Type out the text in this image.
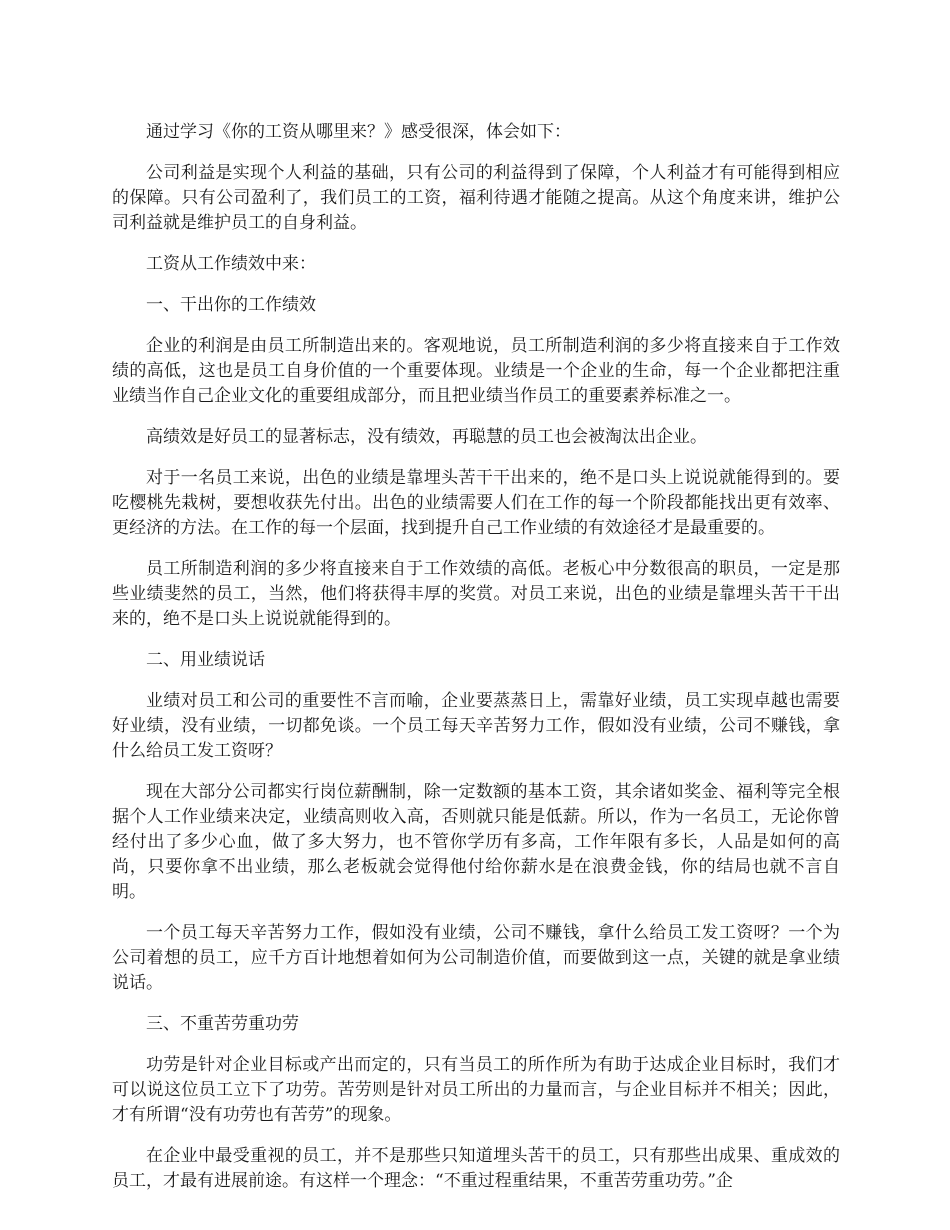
通过学习《你的工资从哪里来？》感受很深，体会如下：

公司利益是实现个人利益的基础，只有公司的利益得到了保障，个人利益才有可能得到相应的保障。只有公司盈利了，我们员工的工资，福利待遇才能随之提高。从这个角度来讲，维护公司利益就是维护员工的自身利益。

工资从工作绩效中来：

一、干出你的工作绩效

企业的利润是由员工所制造出来的。客观地说，员工所制造利润的多少将直接来自于工作效绩的高低，这也是员工自身价值的一个重要体现。业绩是一个企业的生命，每一个企业都把注重业绩当作自己企业文化的重要组成部分，而且把业绩当作员工的重要素养标准之一。

高绩效是好员工的显著标志，没有绩效，再聪慧的员工也会被淘汰出企业。

对于一名员工来说，出色的业绩是靠埋头苦干干出来的，绝不是口头上说说就能得到的。要吃樱桃先栽树，要想收获先付出。出色的业绩需要人们在工作的每一个阶段都能找出更有效率、更经济的方法。在工作的每一个层面，找到提升自己工作业绩的有效途径才是最重要的。

员工所制造利润的多少将直接来自于工作效绩的高低。老板心中分数很高的职员，一定是那些业绩斐然的员工，当然，他们将获得丰厚的奖赏。对员工来说，出色的业绩是靠埋头苦干干出来的，绝不是口头上说说就能得到的。

二、用业绩说话

业绩对员工和公司的重要性不言而喻，企业要蒸蒸日上，需靠好业绩，员工实现卓越也需要好业绩，没有业绩，一切都免谈。一个员工每天辛苦努力工作，假如没有业绩，公司不赚钱，拿什么给员工发工资呀？

现在大部分公司都实行岗位薪酬制，除一定数额的基本工资，其余诸如奖金、福利等完全根据个人工作业绩来决定，业绩高则收入高，否则就只能是低薪。所以，作为一名员工，无论你曾经付出了多少心血，做了多大努力，也不管你学历有多高，工作年限有多长，人品是如何的高尚，只要你拿不出业绩，那么老板就会觉得他付给你薪水是在浪费金钱，你的结局也就不言自明。

一个员工每天辛苦努力工作，假如没有业绩，公司不赚钱，拿什么给员工发工资呀？一个为公司着想的员工，应千方百计地想着如何为公司制造价值，而要做到这一点，关键的就是拿业绩说话。

三、不重苦劳重功劳

功劳是针对企业目标或产出而定的，只有当员工的所作所为有助于达成企业目标时，我们才可以说这位员工立下了功劳。苦劳则是针对员工所出的力量而言，与企业目标并不相关；因此，才有所谓“没有功劳也有苦劳”的现象。

在企业中最受重视的员工，并不是那些只知道埋头苦干的员工，只有那些出成果、重成效的员工，才最有进展前途。有这样一个理念：“不重过程重结果，不重苦劳重功劳。”企
